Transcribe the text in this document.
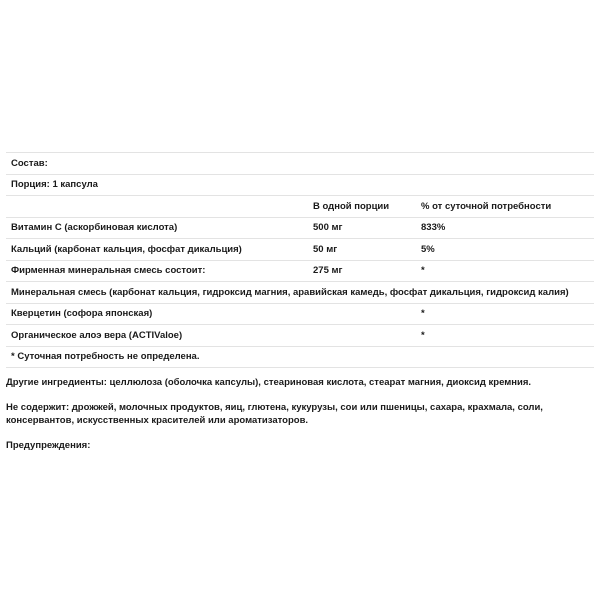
Состав:		
Порция: 1 капсула		
	В одной порции	% от суточной потребности
Витамин С (аскорбиновая кислота)	500 мг	833%
Кальций (карбонат кальция, фосфат дикальция)	50 мг	5%
Фирменная минеральная смесь состоит:	275 мг	*
Минеральная смесь (карбонат кальция, гидроксид магния, аравийская камедь, фосфат дикальция, гидроксид калия)		
Кверцетин (софора японская)		*
Органическое алоэ вера (ACTIValoe)		*
* Суточная потребность не определена.		

Другие ингредиенты: целлюлоза (оболочка капсулы), стеариновая кислота, стеарат магния, диоксид кремния.

Не содержит: дрожжей, молочных продуктов, яиц, глютена, кукурузы, сои или пшеницы, сахара, крахмала, соли, консервантов, искусственных красителей или ароматизаторов.

Предупреждения:
